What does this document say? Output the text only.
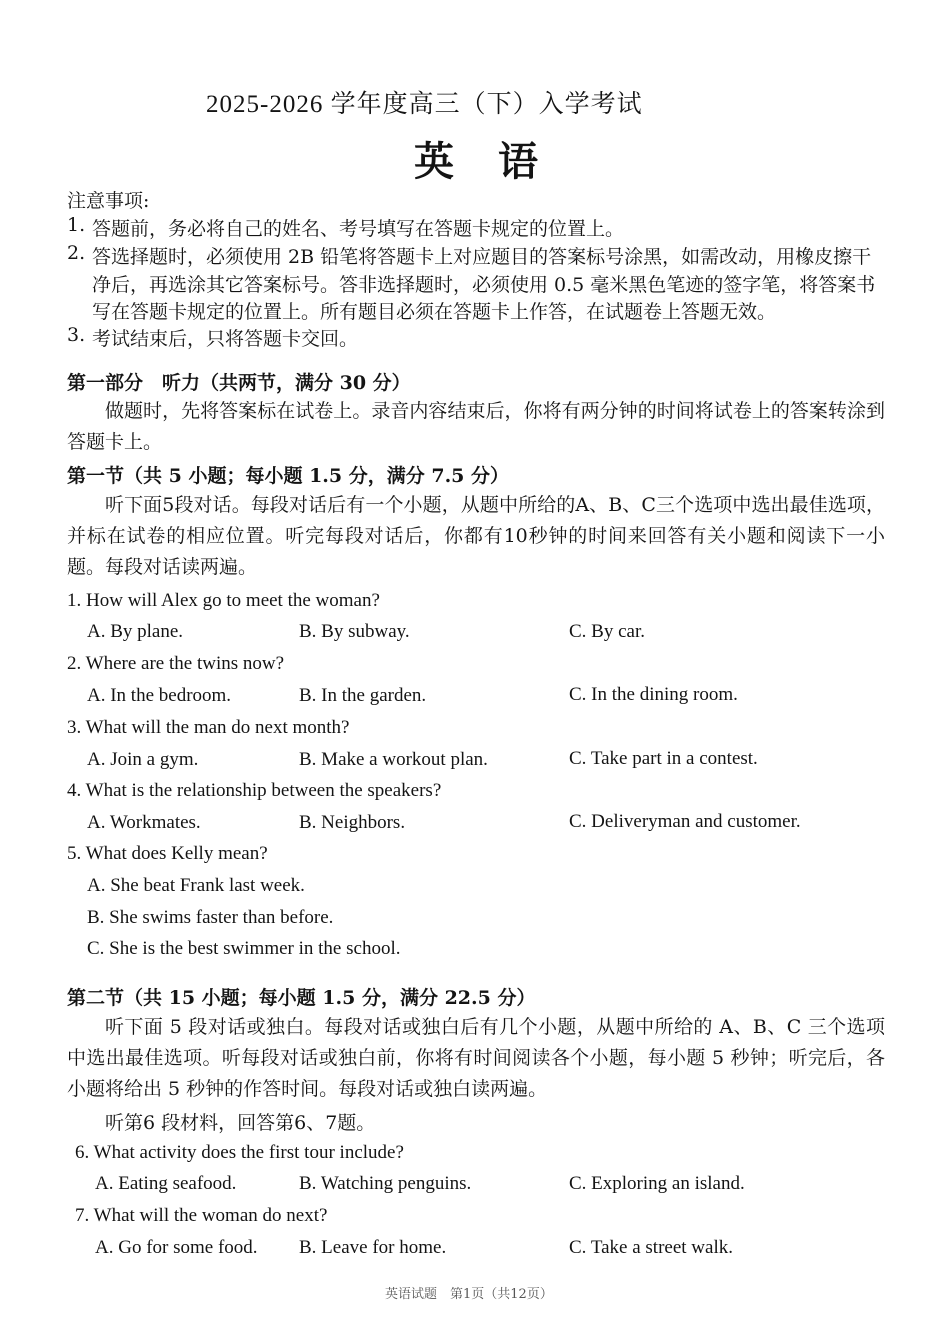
2025-2026 学年度高三（下）入学考试
英　语
注意事项:
1. 答题前，务必将自己的姓名、考号填写在答题卡规定的位置上。
2. 答选择题时，必须使用 2B 铅笔将答题卡上对应题目的答案标号涂黑，如需改动，用橡皮擦干
净后，再选涂其它答案标号。答非选择题时，必须使用 0.5 毫米黑色笔迹的签字笔，将答案书
写在答题卡规定的位置上。所有题目必须在答题卡上作答，在试题卷上答题无效。
3. 考试结束后，只将答题卡交回。
第一部分　听力（共两节，满分 30 分）
做题时，先将答案标在试卷上。录音内容结束后，你将有两分钟的时间将试卷上的答案转涂到答题卡上。
第一节（共 5 小题；每小题 1.5 分，满分 7.5 分）
听下面5段对话。每段对话后有一个小题，从题中所给的A、B、C三个选项中选出最佳选项，并标在试卷的相应位置。听完每段对话后，你都有10秒钟的时间来回答有关小题和阅读下一小题。每段对话读两遍。
1. How will Alex go to meet the woman?
A. By plane.	B. By subway.	C. By car.
2. Where are the twins now?
A. In the bedroom.	B. In the garden.	C. In the dining room.
3. What will the man do next month?
A. Join a gym.	B. Make a workout plan.	C. Take part in a contest.
4. What is the relationship between the speakers?
A. Workmates.	B. Neighbors.	C. Deliveryman and customer.
5. What does Kelly mean?
A. She beat Frank last week.
B. She swims faster than before.
C. She is the best swimmer in the school.
第二节（共 15 小题；每小题 1.5 分，满分 22.5 分）
听下面 5 段对话或独白。每段对话或独白后有几个小题，从题中所给的 A、B、C 三个选项中选出最佳选项。听每段对话或独白前，你将有时间阅读各个小题，每小题 5 秒钟；听完后，各小题将给出 5 秒钟的作答时间。每段对话或独白读两遍。
听第6 段材料，回答第6、7题。
6. What activity does the first tour include?
A. Eating seafood.	B. Watching penguins.	C. Exploring an island.
7. What will the woman do next?
A. Go for some food. B. Leave for home.	C. Take a street walk.
英语试题　第1页（共12页）
